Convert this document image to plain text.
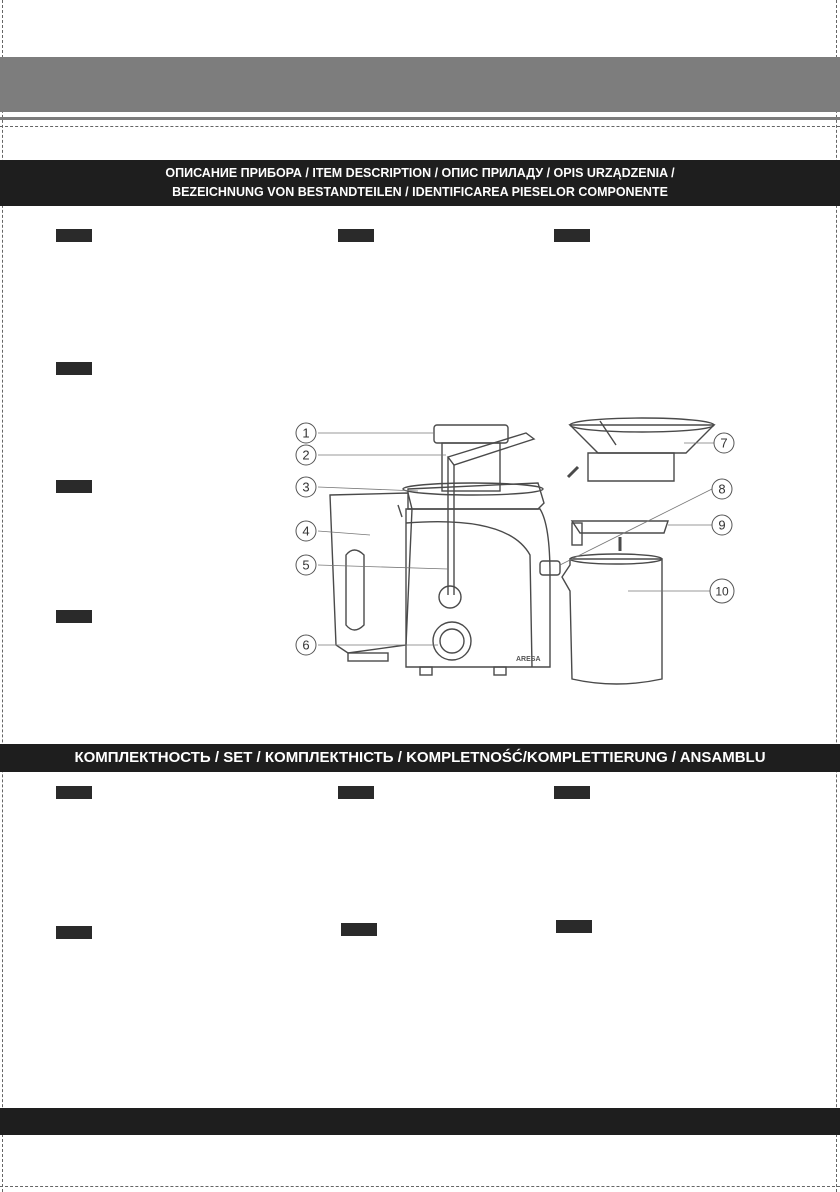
ОПИСАНИЕ ПРИБОРА / ITEM DESCRIPTION / ОПИС ПРИЛАДУ / OPIS URZĄDZENIA /
BEZEICHNUNG VON BESTANDTEILEN / IDENTIFICAREA PIESELOR COMPONENTE
1
2
3
4
5
6
7
8
9
10
ARESA
КОМПЛЕКТНОСТЬ / SET / КОМПЛЕКТНІСТЬ / KOMPLETNOŚĆ/KOMPLETTIERUNG / ANSAMBLU
